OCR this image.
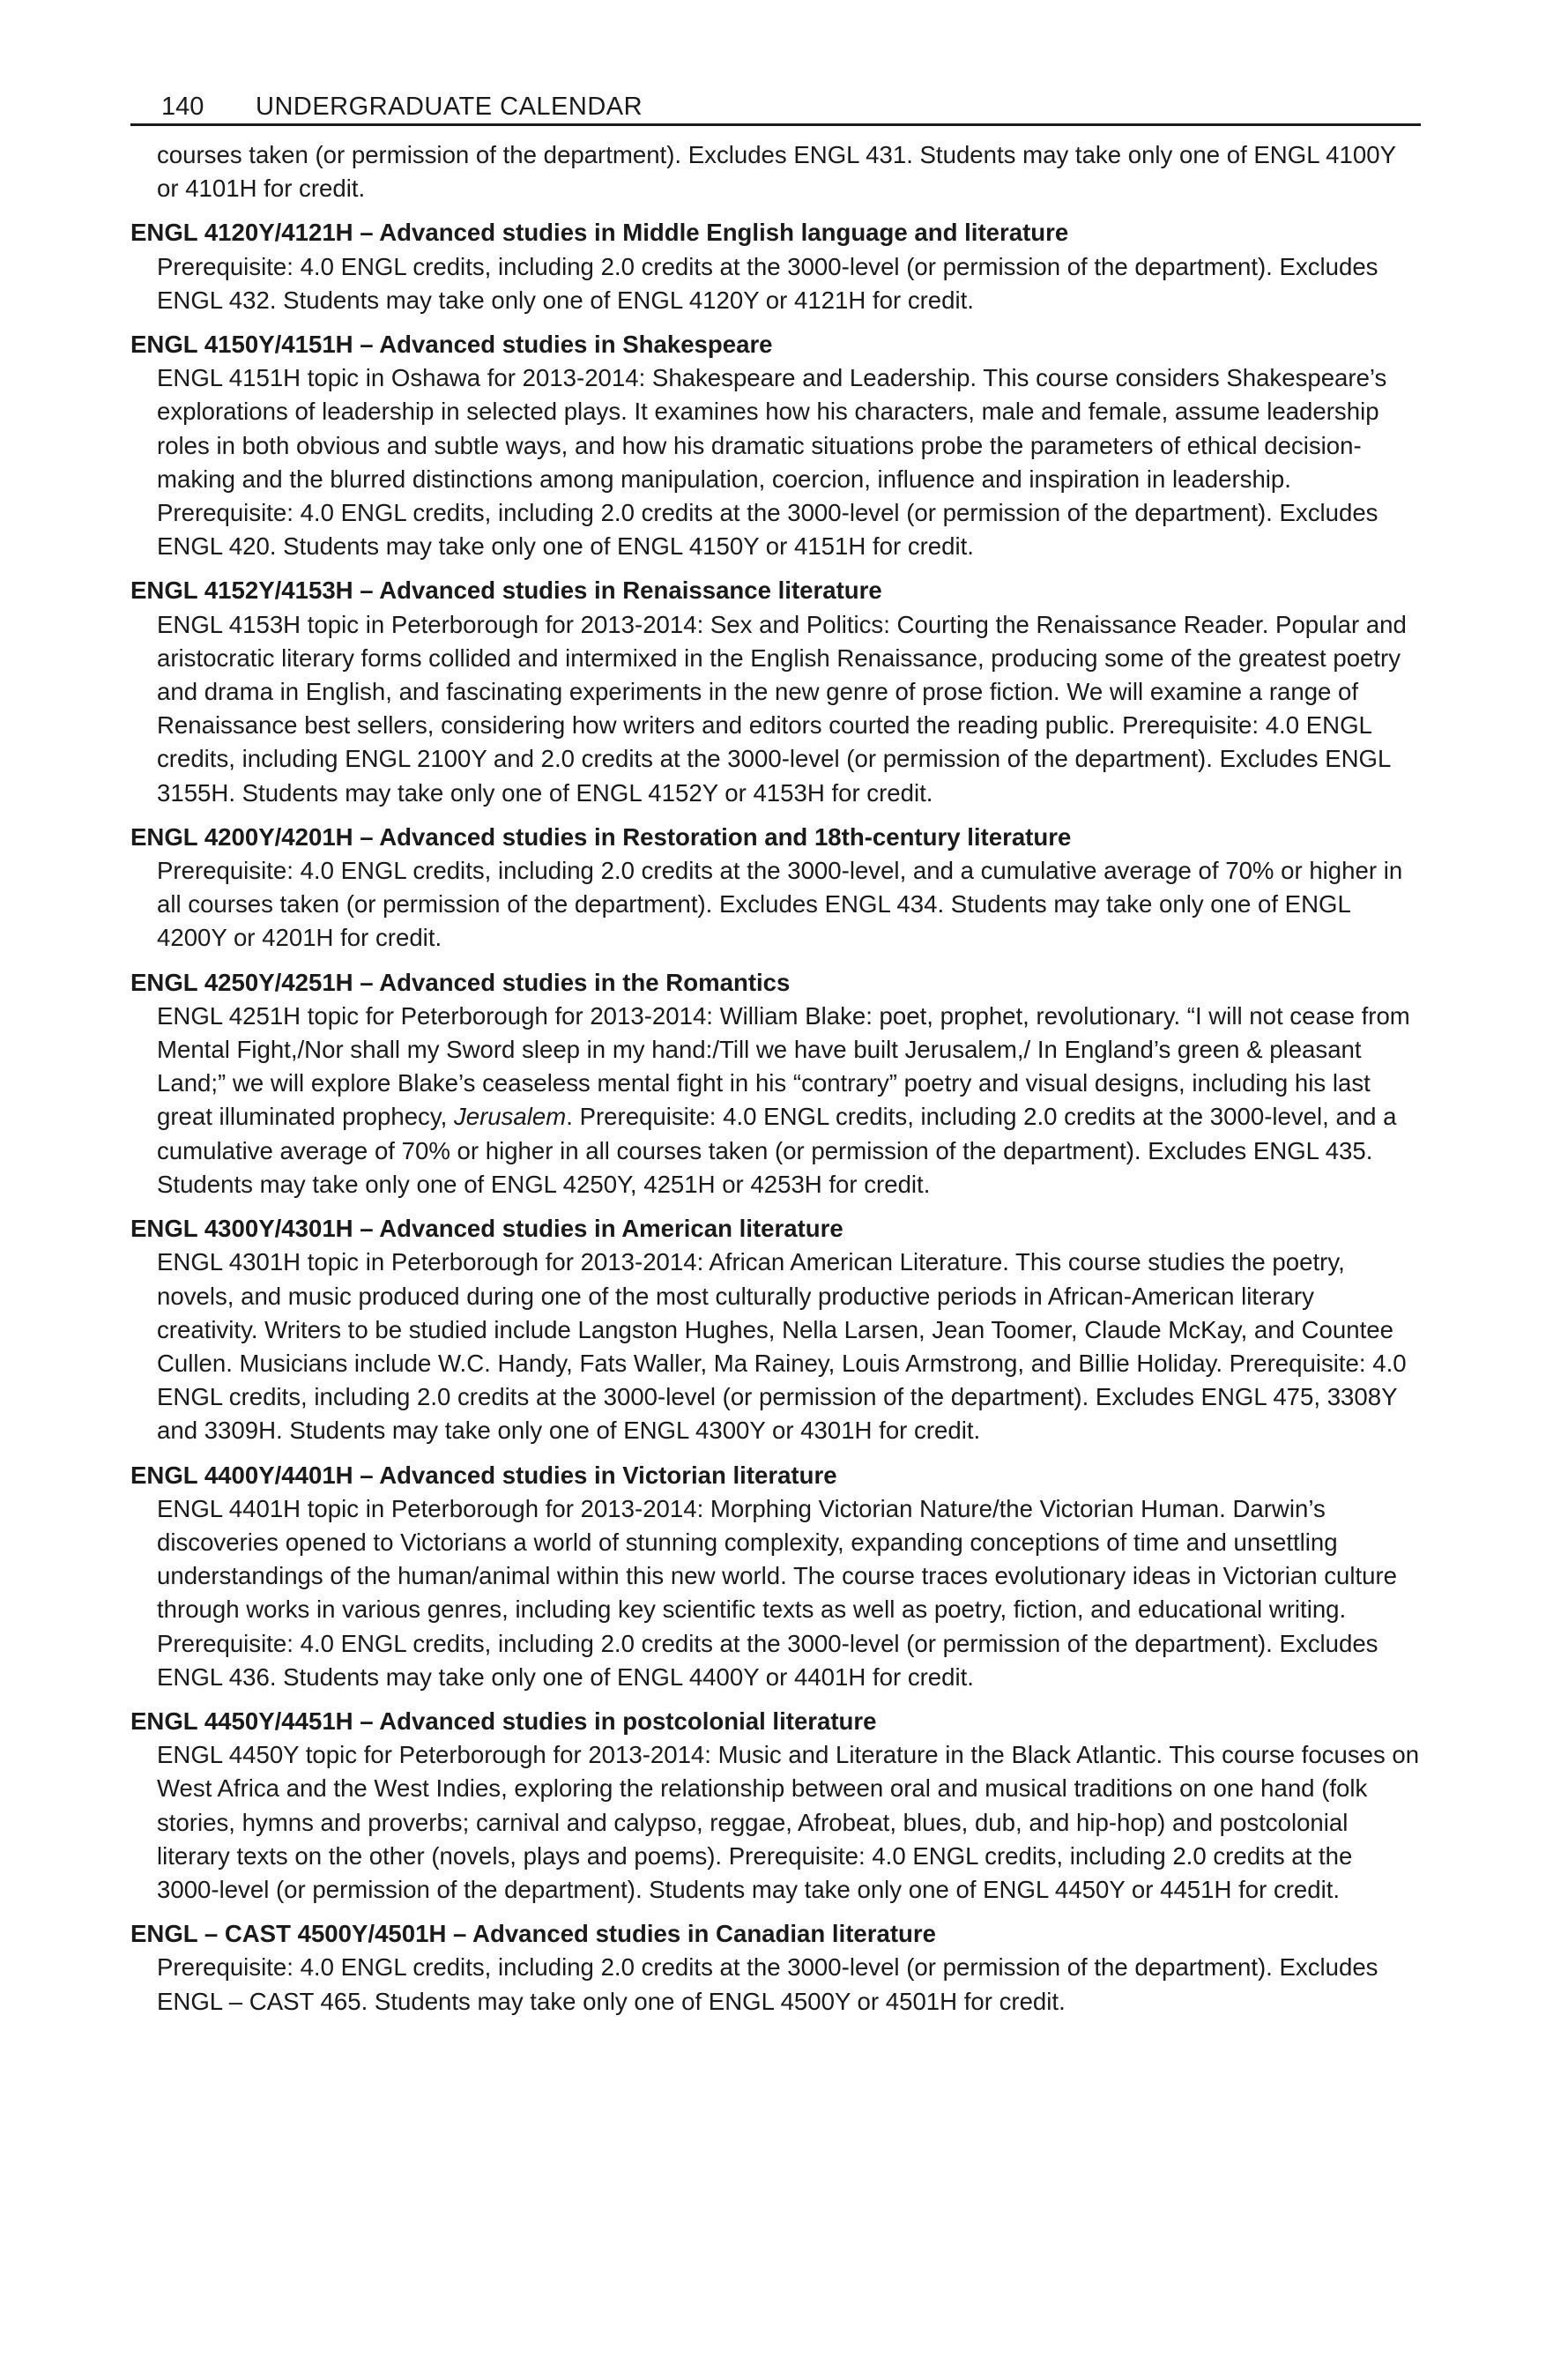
140	UNDERGRADUATE CALENDAR
courses taken (or permission of the department). Excludes ENGL 431. Students may take only one of ENGL 4100Y or 4101H for credit.
ENGL 4120Y/4121H – Advanced studies in Middle English language and literature
Prerequisite: 4.0 ENGL credits, including 2.0 credits at the 3000-level (or permission of the department). Excludes ENGL 432. Students may take only one of ENGL 4120Y or 4121H for credit.
ENGL 4150Y/4151H – Advanced studies in Shakespeare
ENGL 4151H topic in Oshawa for 2013-2014: Shakespeare and Leadership. This course considers Shakespeare’s explorations of leadership in selected plays. It examines how his characters, male and female, assume leadership roles in both obvious and subtle ways, and how his dramatic situations probe the parameters of ethical decision-making and the blurred distinctions among manipulation, coercion, influence and inspiration in leadership. Prerequisite: 4.0 ENGL credits, including 2.0 credits at the 3000-level (or permission of the department). Excludes ENGL 420. Students may take only one of ENGL 4150Y or 4151H for credit.
ENGL 4152Y/4153H – Advanced studies in Renaissance literature
ENGL 4153H topic in Peterborough for 2013-2014: Sex and Politics: Courting the Renaissance Reader. Popular and aristocratic literary forms collided and intermixed in the English Renaissance, producing some of the greatest poetry and drama in English, and fascinating experiments in the new genre of prose fiction. We will examine a range of Renaissance best sellers, considering how writers and editors courted the reading public. Prerequisite: 4.0 ENGL credits, including ENGL 2100Y and 2.0 credits at the 3000-level (or permission of the department). Excludes ENGL 3155H. Students may take only one of ENGL 4152Y or 4153H for credit.
ENGL 4200Y/4201H – Advanced studies in Restoration and 18th-century literature
Prerequisite: 4.0 ENGL credits, including 2.0 credits at the 3000-level, and a cumulative average of 70% or higher in all courses taken (or permission of the department). Excludes ENGL 434. Students may take only one of ENGL 4200Y or 4201H for credit.
ENGL 4250Y/4251H – Advanced studies in the Romantics
ENGL 4251H topic for Peterborough for 2013-2014: William Blake: poet, prophet, revolutionary. “I will not cease from Mental Fight,/Nor shall my Sword sleep in my hand:/Till we have built Jerusalem,/ In England’s green & pleasant Land;” we will explore Blake’s ceaseless mental fight in his “contrary” poetry and visual designs, including his last great illuminated prophecy, Jerusalem. Prerequisite: 4.0 ENGL credits, including 2.0 credits at the 3000-level, and a cumulative average of 70% or higher in all courses taken (or permission of the department). Excludes ENGL 435. Students may take only one of ENGL 4250Y, 4251H or 4253H for credit.
ENGL 4300Y/4301H – Advanced studies in American literature
ENGL 4301H topic in Peterborough for 2013-2014: African American Literature. This course studies the poetry, novels, and music produced during one of the most culturally productive periods in African-American literary creativity. Writers to be studied include Langston Hughes, Nella Larsen, Jean Toomer, Claude McKay, and Countee Cullen. Musicians include W.C. Handy, Fats Waller, Ma Rainey, Louis Armstrong, and Billie Holiday. Prerequisite: 4.0 ENGL credits, including 2.0 credits at the 3000-level (or permission of the department). Excludes ENGL 475, 3308Y and 3309H. Students may take only one of ENGL 4300Y or 4301H for credit.
ENGL 4400Y/4401H – Advanced studies in Victorian literature
ENGL 4401H topic in Peterborough for 2013-2014: Morphing Victorian Nature/the Victorian Human. Darwin’s discoveries opened to Victorians a world of stunning complexity, expanding conceptions of time and unsettling understandings of the human/animal within this new world. The course traces evolutionary ideas in Victorian culture through works in various genres, including key scientific texts as well as poetry, fiction, and educational writing. Prerequisite: 4.0 ENGL credits, including 2.0 credits at the 3000-level (or permission of the department). Excludes ENGL 436. Students may take only one of ENGL 4400Y or 4401H for credit.
ENGL 4450Y/4451H – Advanced studies in postcolonial literature
ENGL 4450Y topic for Peterborough for 2013-2014: Music and Literature in the Black Atlantic. This course focuses on West Africa and the West Indies, exploring the relationship between oral and musical traditions on one hand (folk stories, hymns and proverbs; carnival and calypso, reggae, Afrobeat, blues, dub, and hip-hop) and postcolonial literary texts on the other (novels, plays and poems). Prerequisite: 4.0 ENGL credits, including 2.0 credits at the 3000-level (or permission of the department). Students may take only one of ENGL 4450Y or 4451H for credit.
ENGL – CAST 4500Y/4501H – Advanced studies in Canadian literature
Prerequisite: 4.0 ENGL credits, including 2.0 credits at the 3000-level (or permission of the department). Excludes ENGL – CAST 465. Students may take only one of ENGL 4500Y or 4501H for credit.
